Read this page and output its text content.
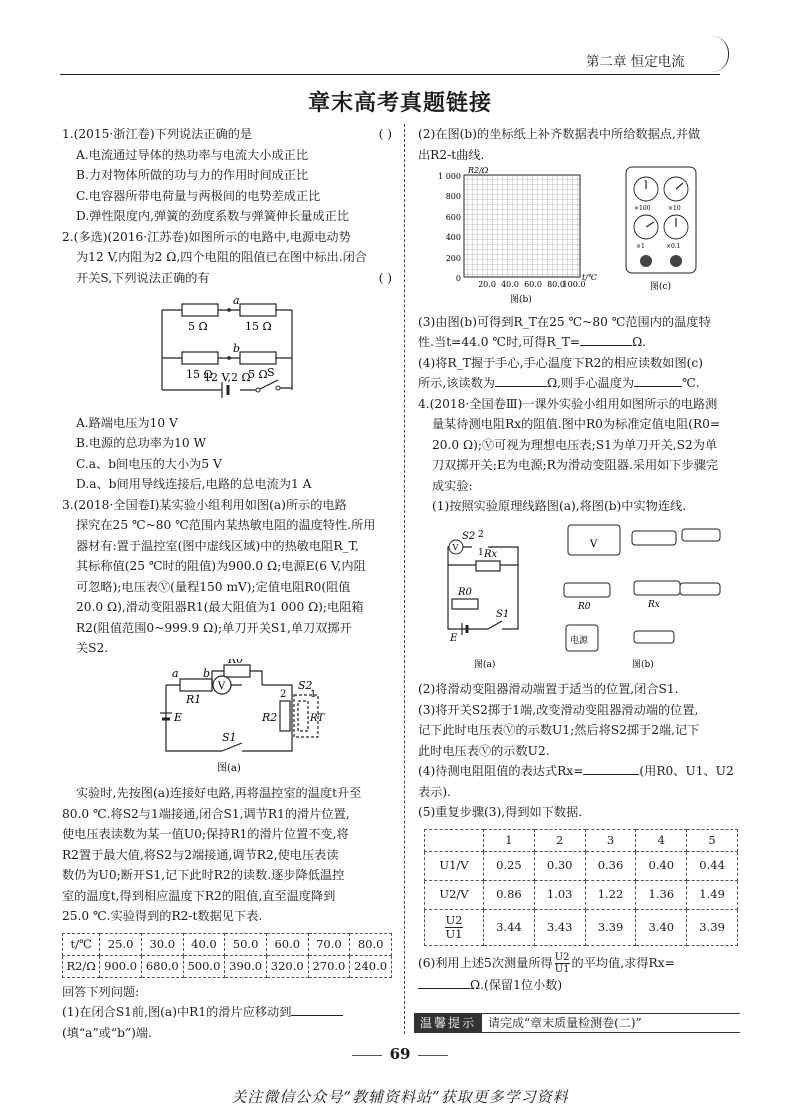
第二章 恒定电流
章末高考真题链接

1.(2015·浙江卷)下列说法正确的是	( )

A.电流通过导体的热功率与电流大小成正比

B.力对物体所做的功与力的作用时间成正比

C.电容器所带电荷量与两极间的电势差成正比

D.弹性限度内,弹簧的劲度系数与弹簧伸长量成正比

2.(多选)(2016·江苏卷)如图所示的电路中,电源电动势

为12 V,内阻为2 Ω,四个电阻的阻值已在图中标出.闭合

开关S,下列说法正确的有	( )

a
b
5 Ω	15 Ω
15 Ω	5 Ω
12 V,2 Ω S

A.路端电压为10 V

B.电源的总功率为10 W

C.a、b间电压的大小为5 V

D.a、b间用导线连接后,电路的总电流为1 A

3.(2018·全国卷Ⅰ)某实验小组利用如图(a)所示的电路

探究在25 ℃~80 ℃范围内某热敏电阻的温度特性.所用

器材有:置于温控室(图中虚线区域)中的热敏电阻R_T,

其标称值(25 ℃时的阻值)为900.0 Ω;电源E(6 V,内阻

可忽略);电压表Ⓥ(量程150 mV);定值电阻R0(阻值

20.0 Ω),滑动变阻器R1(最大阻值为1 000 Ω);电阻箱

R2(阻值范围0~999.9 Ω);单刀开关S1,单刀双掷开

关S2.

V
a b
R1
R0
E	R2	RT
S1
S2
2 1
图(a)

实验时,先按图(a)连接好电路,再将温控室的温度t升至

80.0 ℃.将S2与1端接通,闭合S1,调节R1的滑片位置,

使电压表读数为某一值U0;保持R1的滑片位置不变,将

R2置于最大值,将S2与2端接通,调节R2,使电压表读

数仍为U0;断开S1,记下此时R2的读数.逐步降低温控

室的温度t,得到相应温度下R2的阻值,直至温度降到

25.0 ℃.实验得到的R2-t数据见下表.

t/℃	25.0	30.0	40.0	50.0	60.0	70.0	80.0
R2/Ω	900.0	680.0	500.0	390.0	320.0	270.0	240.0

回答下列问题:

(1)在闭合S1前,图(a)中R1的滑片应移动到

(填“a”或“b”)端.

(2)在图(b)的坐标纸上补齐数据表中所给数据点,并做

出R2-t曲线.

R2/Ω
t/℃
1 000
800
600
400
200
0
20.0 40.0 60.0 80.0
100.0
图(b)
×100	×10
×1	×0.1
图(c)

(3)由图(b)可得到R_T在25 ℃~80 ℃范围内的温度特

性.当t=44.0 ℃时,可得R_T=	Ω.

(4)将R_T握于手心,手心温度下R2的相应读数如图(c)

所示,该读数为	Ω,则手心温度为	℃.

4.(2018·全国卷Ⅲ)一课外实验小组用如图所示的电路测

量某待测电阻Rx的阻值.图中R0为标准定值电阻(R0=

20.0 Ω);Ⓥ可视为理想电压表;S1为单刀开关,S2为单

刀双掷开关;E为电源;R为滑动变阻器.采用如下步骤完

成实验:

(1)按照实验原理线路图(a),将图(b)中实物连线.

V
S2 2
1 Rx
R0
E
S1
图(a)
V
R0	Rx
电源
图(b)

(2)将滑动变阻器滑动端置于适当的位置,闭合S1.

(3)将开关S2掷于1端,改变滑动变阻器滑动端的位置,

记下此时电压表Ⓥ的示数U1;然后将S2掷于2端,记下

此时电压表Ⓥ的示数U2.

(4)待测电阻阻值的表达式Rx=	(用R0、U1、U2

表示).

(5)重复步骤(3),得到如下数据.

	1	2	3	4	5
U1/V	0.25	0.30	0.36	0.40	0.44
U2/V	0.86	1.03	1.22	1.36	1.49
U2
U1	3.44	3.43	3.39	3.40	3.39

(6)利用上述5次测量所得 $\frac{U2}{U1}$ 的平均值,求得Rx=

Ω.(保留1位小数)

温馨提示 请完成“章末质量检测卷(二)”
69
关注微信公众号“教辅资料站”获取更多学习资料
